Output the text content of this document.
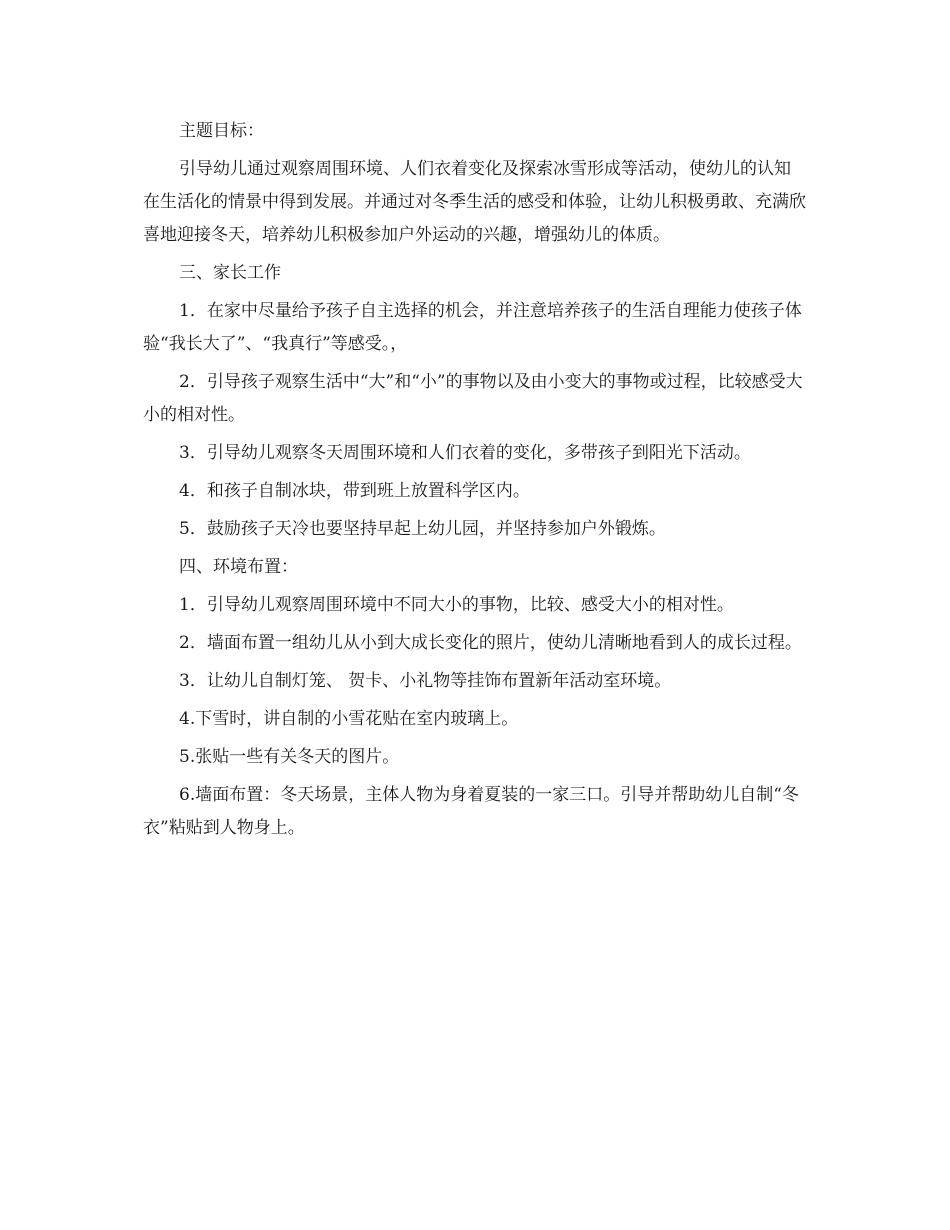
主题目标：

引导幼儿通过观察周围环境、人们衣着变化及探索冰雪形成等活动，使幼儿的认知在生活化的情景中得到发展。并通过对冬季生活的感受和体验，让幼儿积极勇敢、充满欣喜地迎接冬天，培养幼儿积极参加户外运动的兴趣，增强幼儿的体质。

三、家长工作

1．在家中尽量给予孩子自主选择的机会，并注意培养孩子的生活自理能力使孩子体验“我长大了”、“我真行”等感受。，

2．引导孩子观察生活中“大”和“小”的事物以及由小变大的事物或过程，比较感受大小的相对性。

3．引导幼儿观察冬天周围环境和人们衣着的变化，多带孩子到阳光下活动。

4．和孩子自制冰块，带到班上放置科学区内。

5．鼓励孩子天冷也要坚持早起上幼儿园，并坚持参加户外锻炼。

四、环境布置：

1．引导幼儿观察周围环境中不同大小的事物，比较、感受大小的相对性。

2．墙面布置一组幼儿从小到大成长变化的照片，使幼儿清晰地看到人的成长过程。

3．让幼儿自制灯笼、 贺卡、小礼物等挂饰布置新年活动室环境。

4.下雪时，讲自制的小雪花贴在室内玻璃上。

5.张贴一些有关冬天的图片。

6.墙面布置：冬天场景，主体人物为身着夏装的一家三口。引导并帮助幼儿自制“冬衣”粘贴到人物身上。
